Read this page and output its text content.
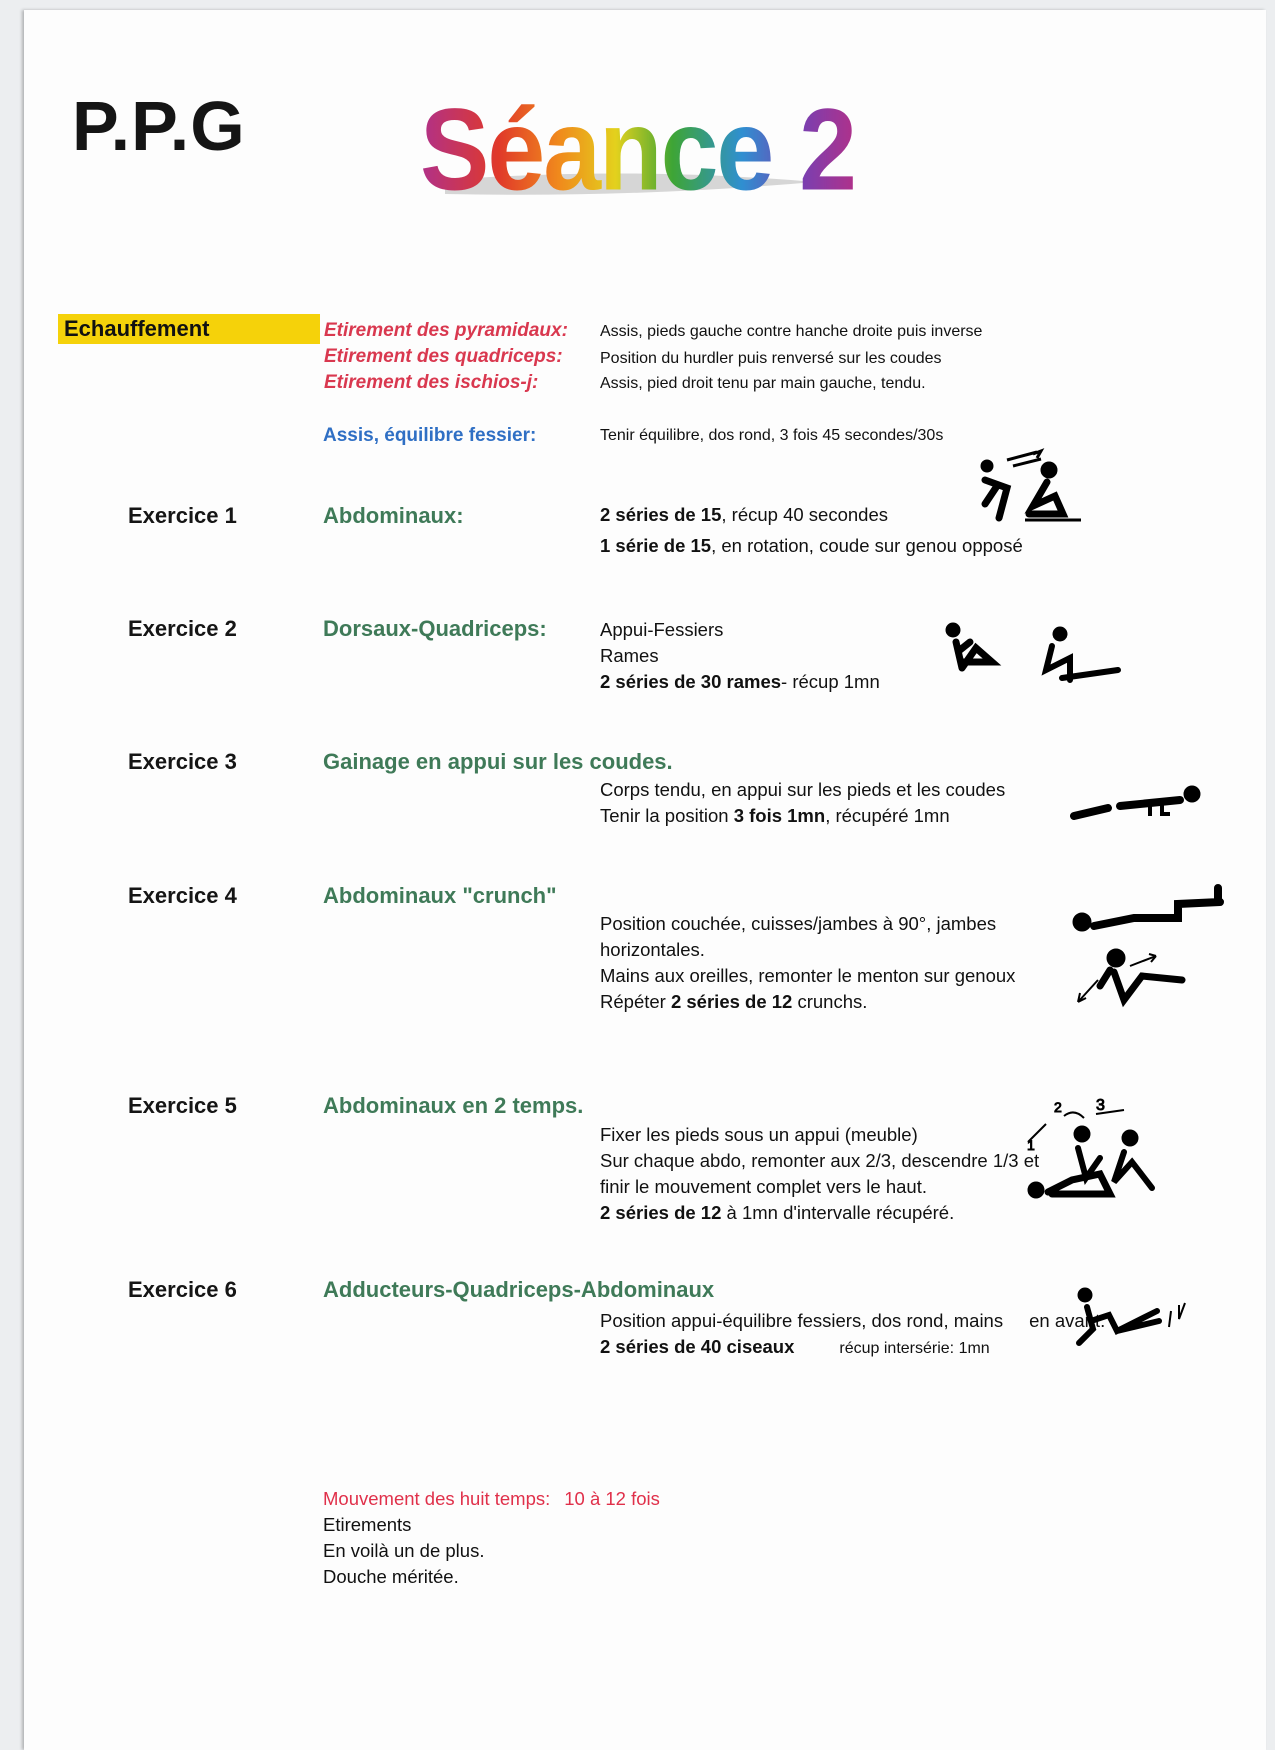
P.P.G Séance 2
Echauffement	Etirement des pyramidaux: Assis, pieds gauche contre hanche droite puis inverse
Etirement des quadriceps: Position du hurdler puis renversé sur les coudes
Etirement des ischios-j:	Assis, pied droit tenu par main gauche, tendu.
Assis, équilibre fessier:	Tenir équilibre, dos rond, 3 fois 45 secondes/30s
Exercice 1	Abdominaux:	2 séries de 15, récup 40 secondes
1 série de 15, en rotation, coude sur genou opposé
Exercice 2	Dorsaux-Quadriceps:	Appui-Fessiers
Rames
2 séries de 30 rames- récup 1mn
Exercice 3	Gainage en appui sur les coudes.
Corps tendu, en appui sur les pieds et les coudes
Tenir la position 3 fois 1mn, récupéré 1mn
Exercice 4	Abdominaux "crunch"
Position couchée, cuisses/jambes à 90°, jambes
horizontales.
Mains aux oreilles, remonter le menton sur genoux
Répéter 2 séries de 12 crunchs.
Exercice 5	Abdominaux en 2 temps.
Fixer les pieds sous un appui (meuble)
Sur chaque abdo, remonter aux 2/3, descendre 1/3 et
finir le mouvement complet vers le haut.
2 séries de 12 à 1mn d'intervalle récupéré.
1
2 3
Exercice 6	Adducteurs-Quadriceps-Abdominaux
Position appui-équilibre fessiers, dos rond, mains en avant.
2 séries de 40 ciseaux	récup intersérie: 1mn
Mouvement des huit temps: 10 à 12 fois
Etirements
En voilà un de plus.
Douche méritée.
